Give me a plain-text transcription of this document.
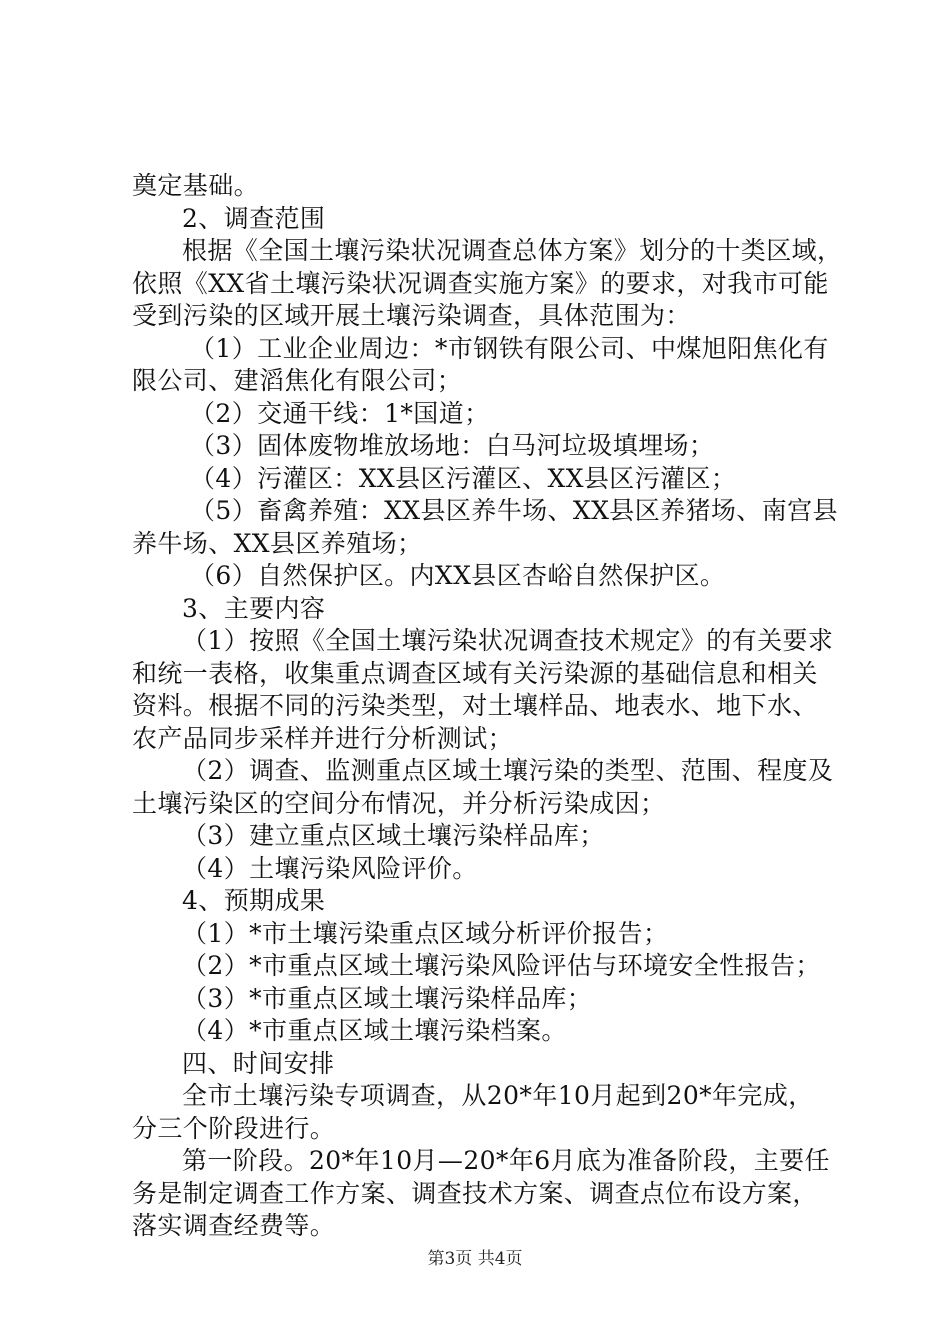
奠定基础。
2、调查范围
根据《全国土壤污染状况调查总体方案》划分的十类区域，
依照《XX省土壤污染状况调查实施方案》的要求，对我市可能
受到污染的区域开展土壤污染调查，具体范围为：
（1）工业企业周边：*市钢铁有限公司、中煤旭阳焦化有
限公司、建滔焦化有限公司；
（2）交通干线：1*国道；
（3）固体废物堆放场地：白马河垃圾填埋场；
（4）污灌区：XX县区污灌区、XX县区污灌区；
（5）畜禽养殖：XX县区养牛场、XX县区养猪场、南宫县
养牛场、XX县区养殖场；
（6）自然保护区。内XX县区杏峪自然保护区。
3、主要内容
（1）按照《全国土壤污染状况调查技术规定》的有关要求
和统一表格，收集重点调查区域有关污染源的基础信息和相关
资料。根据不同的污染类型，对土壤样品、地表水、地下水、
农产品同步采样并进行分析测试；
（2）调查、监测重点区域土壤污染的类型、范围、程度及
土壤污染区的空间分布情况，并分析污染成因；
（3）建立重点区域土壤污染样品库；
（4）土壤污染风险评价。
4、预期成果
（1）*市土壤污染重点区域分析评价报告；
（2）*市重点区域土壤污染风险评估与环境安全性报告；
（3）*市重点区域土壤污染样品库；
（4）*市重点区域土壤污染档案。
四、时间安排
全市土壤污染专项调查，从20*年10月起到20*年完成，
分三个阶段进行。
第一阶段。20*年10月—20*年6月底为准备阶段，主要任
务是制定调查工作方案、调查技术方案、调查点位布设方案，
落实调查经费等。
第3页 共4页
